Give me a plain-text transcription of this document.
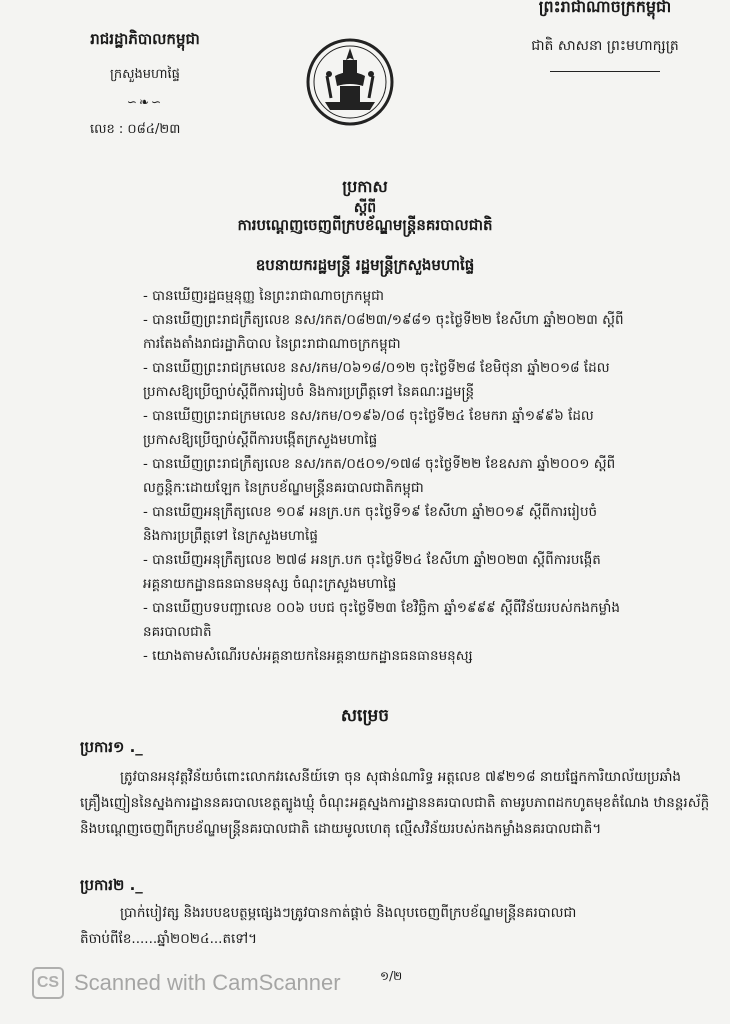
រាជរដ្ឋាភិបាលកម្ពុជា
ក្រសួងមហាផ្ទៃ
∽❧∽
លេខ : ០៨៤/២៣
ព្រះរាជាណាចក្រកម្ពុជា
ជាតិ សាសនា ព្រះមហាក្សត្រ
ប្រកាស
ស្តីពី
ការបណ្តេញចេញពីក្របខ័ណ្ឌមន្រ្តីនគរបាលជាតិ
ឧបនាយករដ្ឋមន្ត្រី រដ្ឋមន្ត្រីក្រសួងមហាផ្ទៃ
- បានឃើញរដ្ឋធម្មនុញ្ញ នៃព្រះរាជាណាចក្រកម្ពុជា
- បានឃើញព្រះរាជក្រឹត្យលេខ នស/រកត/០៨២៣/១៩៨១ ចុះថ្ងៃទី២២ ខែសីហា ឆ្នាំ២០២៣ ស្តីពី
ការតែងតាំងរាជរដ្ឋាភិបាល នៃព្រះរាជាណាចក្រកម្ពុជា
- បានឃើញព្រះរាជក្រមលេខ នស/រកម/០៦១៨/០១២ ចុះថ្ងៃទី២៨ ខែមិថុនា ឆ្នាំ២០១៨ ដែល
ប្រកាសឱ្យប្រើច្បាប់ស្តីពីការរៀបចំ និងការប្រព្រឹត្តទៅ នៃគណៈរដ្ឋមន្ត្រី
- បានឃើញព្រះរាជក្រមលេខ នស/រកម/០១៩៦/០៨ ចុះថ្ងៃទី២៤ ខែមករា ឆ្នាំ១៩៩៦ ដែល
ប្រកាសឱ្យប្រើច្បាប់ស្តីពីការបង្កើតក្រសួងមហាផ្ទៃ
- បានឃើញព្រះរាជក្រឹត្យលេខ នស/រកត/០៥០១/១៧៨ ចុះថ្ងៃទី២២ ខែឧសភា ឆ្នាំ២០០១ ស្តីពី
លក្ខន្តិកៈដោយឡែក នៃក្របខ័ណ្ឌមន្ត្រីនគរបាលជាតិកម្ពុជា
- បានឃើញអនុក្រឹត្យលេខ ១០៩ អនក្រ.បក ចុះថ្ងៃទី១៩ ខែសីហា ឆ្នាំ២០១៩ ស្តីពីការរៀបចំ
និងការប្រព្រឹត្តទៅ នៃក្រសួងមហាផ្ទៃ
- បានឃើញអនុក្រឹត្យលេខ ២៧៨ អនក្រ.បក ចុះថ្ងៃទី២៤ ខែសីហា ឆ្នាំ២០២៣ ស្តីពីការបង្កើត
អគ្គនាយកដ្ឋានធនធានមនុស្ស ចំណុះក្រសួងមហាផ្ទៃ
- បានឃើញបទបញ្ជាលេខ ០០៦ បបជ ចុះថ្ងៃទី២៣ ខែវិច្ឆិកា ឆ្នាំ១៩៩៩ ស្តីពីវិន័យរបស់កងកម្លាំង
នគរបាលជាតិ
- យោងតាមសំណើរបស់អគ្គនាយកនៃអគ្គនាយកដ្ឋានធនធានមនុស្ស
សម្រេច
ប្រការ១ ._

ត្រូវបានអនុវត្តវិន័យចំពោះលោកវរសេនីយ៍ទោ ចុន សុផាន់ណារិទ្ធ អត្តលេខ ៧៩២១៨ នាយផ្នែកការិយាល័យប្រឆាំងគ្រឿងញៀននៃស្នងការដ្ឋាននគរបាលខេត្តត្បូងឃ្មុំ ចំណុះអគ្គស្នងការដ្ឋាននគរបាលជាតិ តាមរូបភាពដកហូតមុខតំណែង ឋានន្តរស័ក្តិ និងបណ្តេញចេញពីក្របខ័ណ្ឌមន្ត្រីនគរបាលជាតិ ដោយមូលហេតុ ល្មើសវិន័យរបស់កងកម្លាំងនគរបាលជាតិ។

ប្រការ២ ._

ប្រាក់បៀវត្ស និងរបបឧបត្ថម្ភផ្សេងៗត្រូវបានកាត់ផ្តាច់ និងលុបចេញពីក្របខ័ណ្ឌមន្ត្រីនគរបាលជាតិចាប់ពីខែ......ឆ្នាំ២០២៤...តទៅ។

CS Scanned with CamScanner	១/២
